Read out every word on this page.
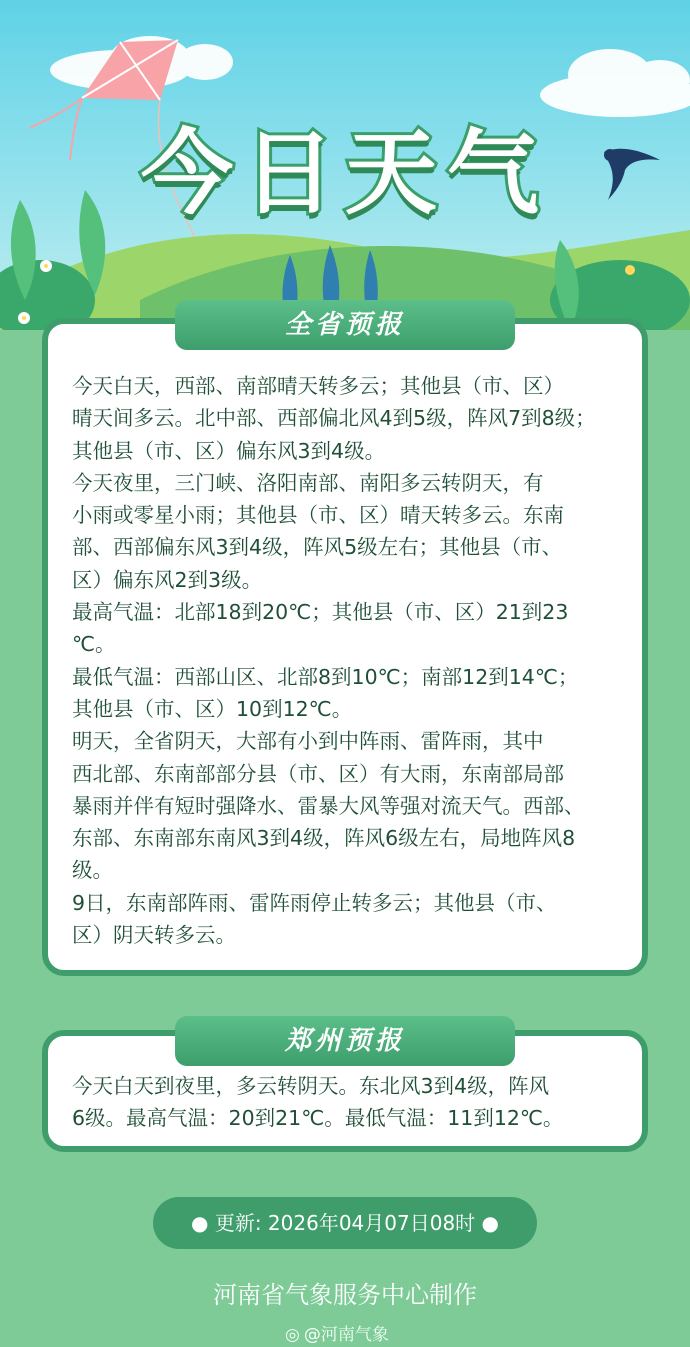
今日天气
全省预报
今天白天，西部、南部晴天转多云；其他县（市、区）
晴天间多云。北中部、西部偏北风4到5级，阵风7到8级；
其他县（市、区）偏东风3到4级。
今天夜里，三门峡、洛阳南部、南阳多云转阴天，有
小雨或零星小雨；其他县（市、区）晴天转多云。东南
部、西部偏东风3到4级，阵风5级左右；其他县（市、
区）偏东风2到3级。
最高气温：北部18到20℃；其他县（市、区）21到23
℃。
最低气温：西部山区、北部8到10℃；南部12到14℃；
其他县（市、区）10到12℃。
明天，全省阴天，大部有小到中阵雨、雷阵雨，其中
西北部、东南部部分县（市、区）有大雨，东南部局部
暴雨并伴有短时强降水、雷暴大风等强对流天气。西部、
东部、东南部东南风3到4级，阵风6级左右，局地阵风8
级。
9日，东南部阵雨、雷阵雨停止转多云；其他县（市、
区）阴天转多云。
郑州预报
今天白天到夜里，多云转阴天。东北风3到4级，阵风
6级。最高气温：20到21℃。最低气温：11到12℃。
● 更新: 2026年04月07日08时 ●
河南省气象服务中心制作
◎ @河南气象
